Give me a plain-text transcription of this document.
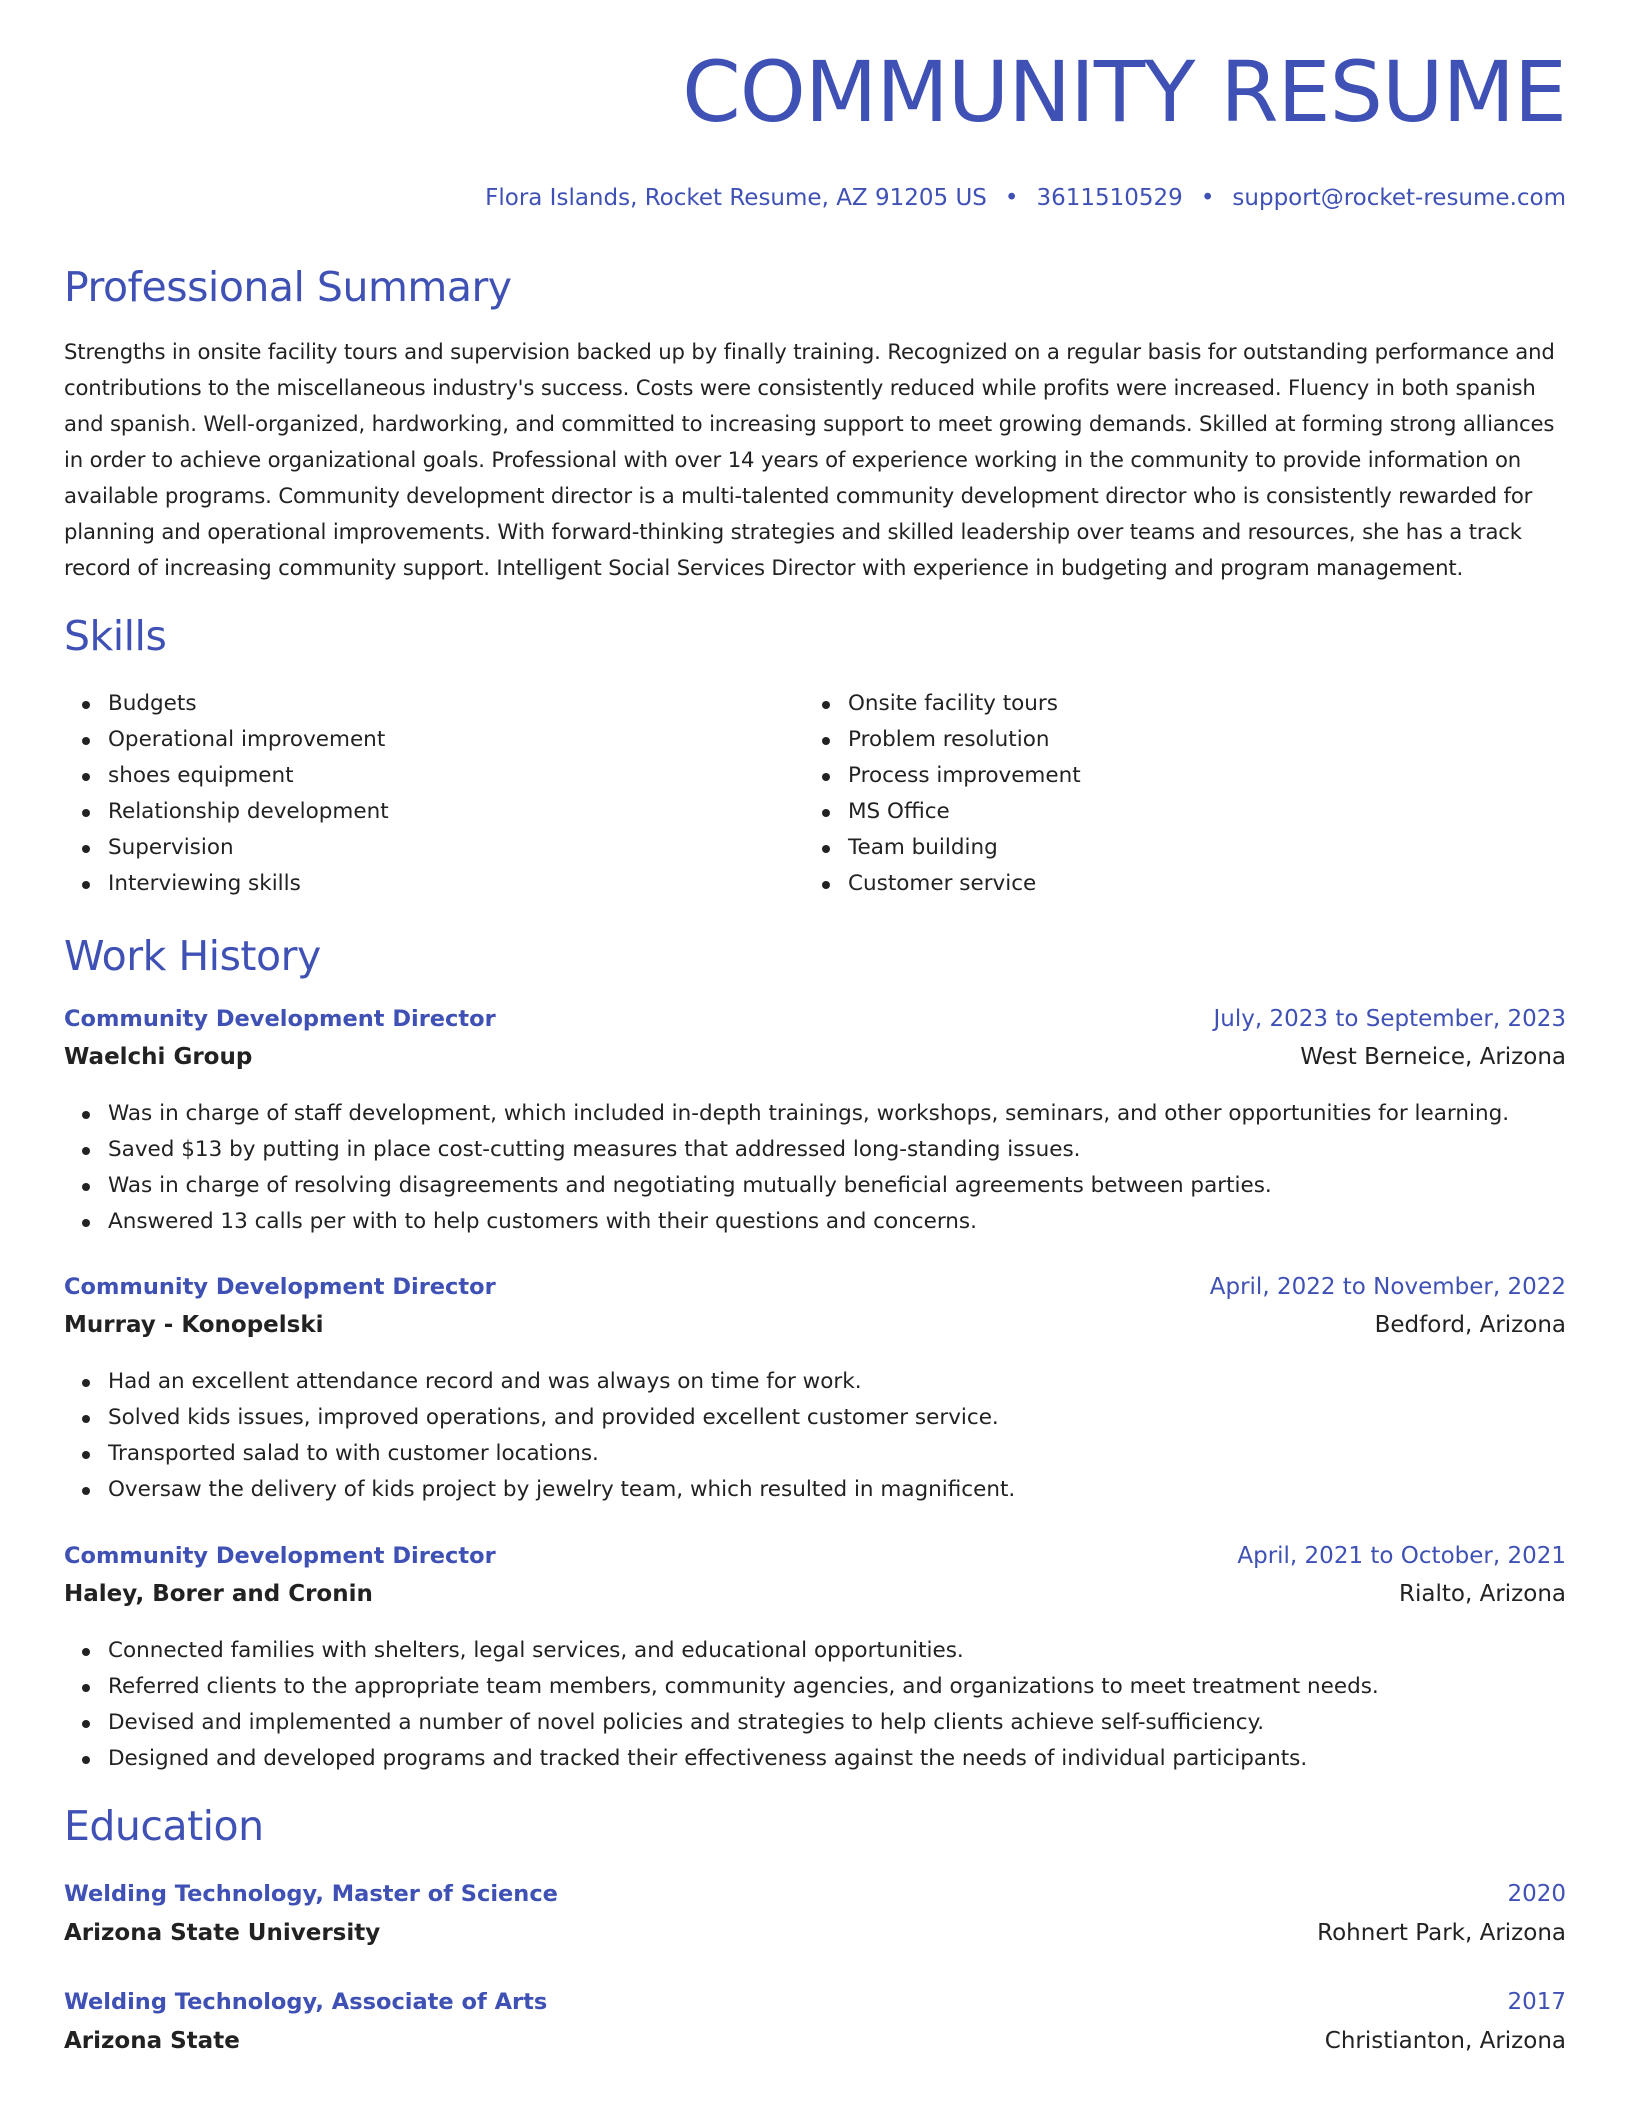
COMMUNITY RESUME
Flora Islands, Rocket Resume, AZ 91205 US • 3611510529 • support@rocket-resume.com
Professional Summary
Strengths in onsite facility tours and supervision backed up by finally training. Recognized on a regular basis for outstanding performance and
contributions to the miscellaneous industry's success. Costs were consistently reduced while profits were increased. Fluency in both spanish
and spanish. Well-organized, hardworking, and committed to increasing support to meet growing demands. Skilled at forming strong alliances
in order to achieve organizational goals. Professional with over 14 years of experience working in the community to provide information on
available programs. Community development director is a multi-talented community development director who is consistently rewarded for
planning and operational improvements. With forward-thinking strategies and skilled leadership over teams and resources, she has a track
record of increasing community support. Intelligent Social Services Director with experience in budgeting and program management.
Skills
Budgets
Operational improvement
shoes equipment
Relationship development
Supervision
Interviewing skills
Onsite facility tours
Problem resolution
Process improvement
MS Office
Team building
Customer service
Work History
Community Development Director	July, 2023 to September, 2023
Waelchi Group	West Berneice, Arizona
Was in charge of staff development, which included in-depth trainings, workshops, seminars, and other opportunities for learning.
Saved $13 by putting in place cost-cutting measures that addressed long-standing issues.
Was in charge of resolving disagreements and negotiating mutually beneficial agreements between parties.
Answered 13 calls per with to help customers with their questions and concerns.
Community Development Director	April, 2022 to November, 2022
Murray - Konopelski	Bedford, Arizona
Had an excellent attendance record and was always on time for work.
Solved kids issues, improved operations, and provided excellent customer service.
Transported salad to with customer locations.
Oversaw the delivery of kids project by jewelry team, which resulted in magnificent.
Community Development Director	April, 2021 to October, 2021
Haley, Borer and Cronin	Rialto, Arizona
Connected families with shelters, legal services, and educational opportunities.
Referred clients to the appropriate team members, community agencies, and organizations to meet treatment needs.
Devised and implemented a number of novel policies and strategies to help clients achieve self-sufficiency.
Designed and developed programs and tracked their effectiveness against the needs of individual participants.
Education
Welding Technology, Master of Science	2020
Arizona State University	Rohnert Park, Arizona
Welding Technology, Associate of Arts	2017
Arizona State	Christianton, Arizona
